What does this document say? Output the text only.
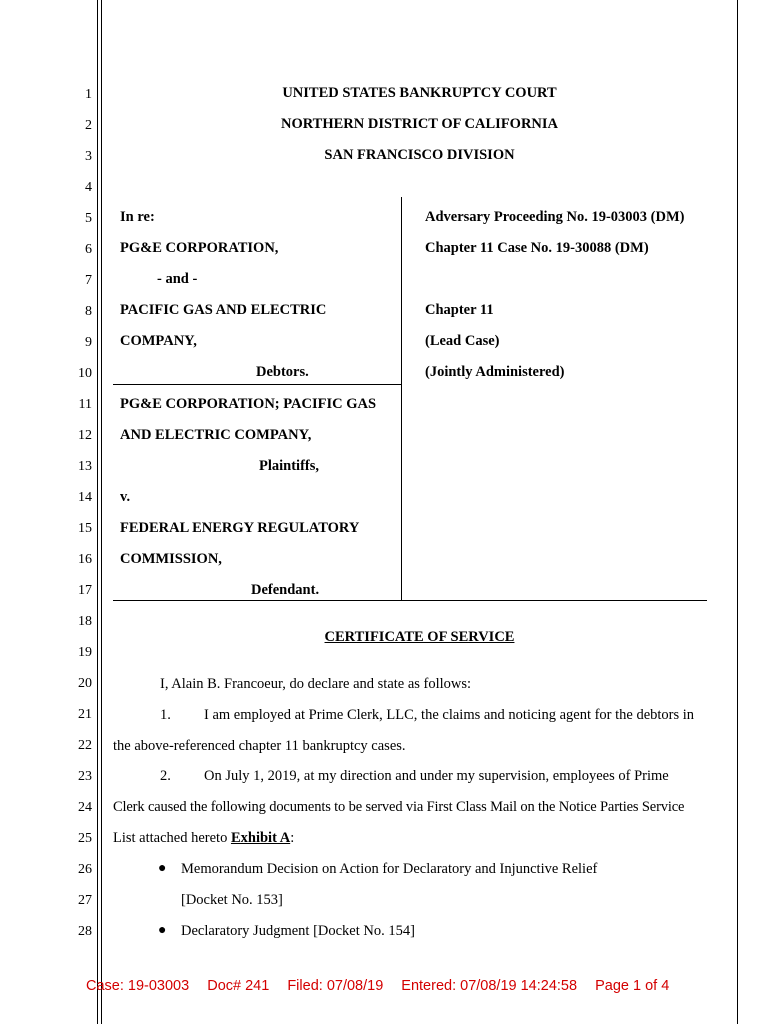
1
2
3
4
5
6
7
8
9
10
11
12
13
14
15
16
17
18
19
20
21
22
23
24
25
26
27
28
UNITED STATES BANKRUPTCY COURT
NORTHERN DISTRICT OF CALIFORNIA
SAN FRANCISCO DIVISION
In re:
PG&E CORPORATION,
- and -
PACIFIC GAS AND ELECTRIC
COMPANY,
Debtors.
PG&E CORPORATION; PACIFIC GAS
AND ELECTRIC COMPANY,
Plaintiffs,
v.
FEDERAL ENERGY REGULATORY
COMMISSION,
Defendant.
Adversary Proceeding No. 19-03003 (DM)
Chapter 11 Case No. 19-30088 (DM)
Chapter 11
(Lead Case)
(Jointly Administered)
CERTIFICATE OF SERVICE
I, Alain B. Francoeur, do declare and state as follows:
1. I am employed at Prime Clerk, LLC, the claims and noticing agent for the debtors in
the above-referenced chapter 11 bankruptcy cases.
2. On July 1, 2019, at my direction and under my supervision, employees of Prime
Clerk caused the following documents to be served via First Class Mail on the Notice Parties Service
List attached hereto Exhibit A:
● Memorandum Decision on Action for Declaratory and Injunctive Relief
[Docket No. 153]
● Declaratory Judgment [Docket No. 154]
Case: 19-03003 Doc# 241 Filed: 07/08/19 Entered: 07/08/19 14:24:58 Page 1 of 4
